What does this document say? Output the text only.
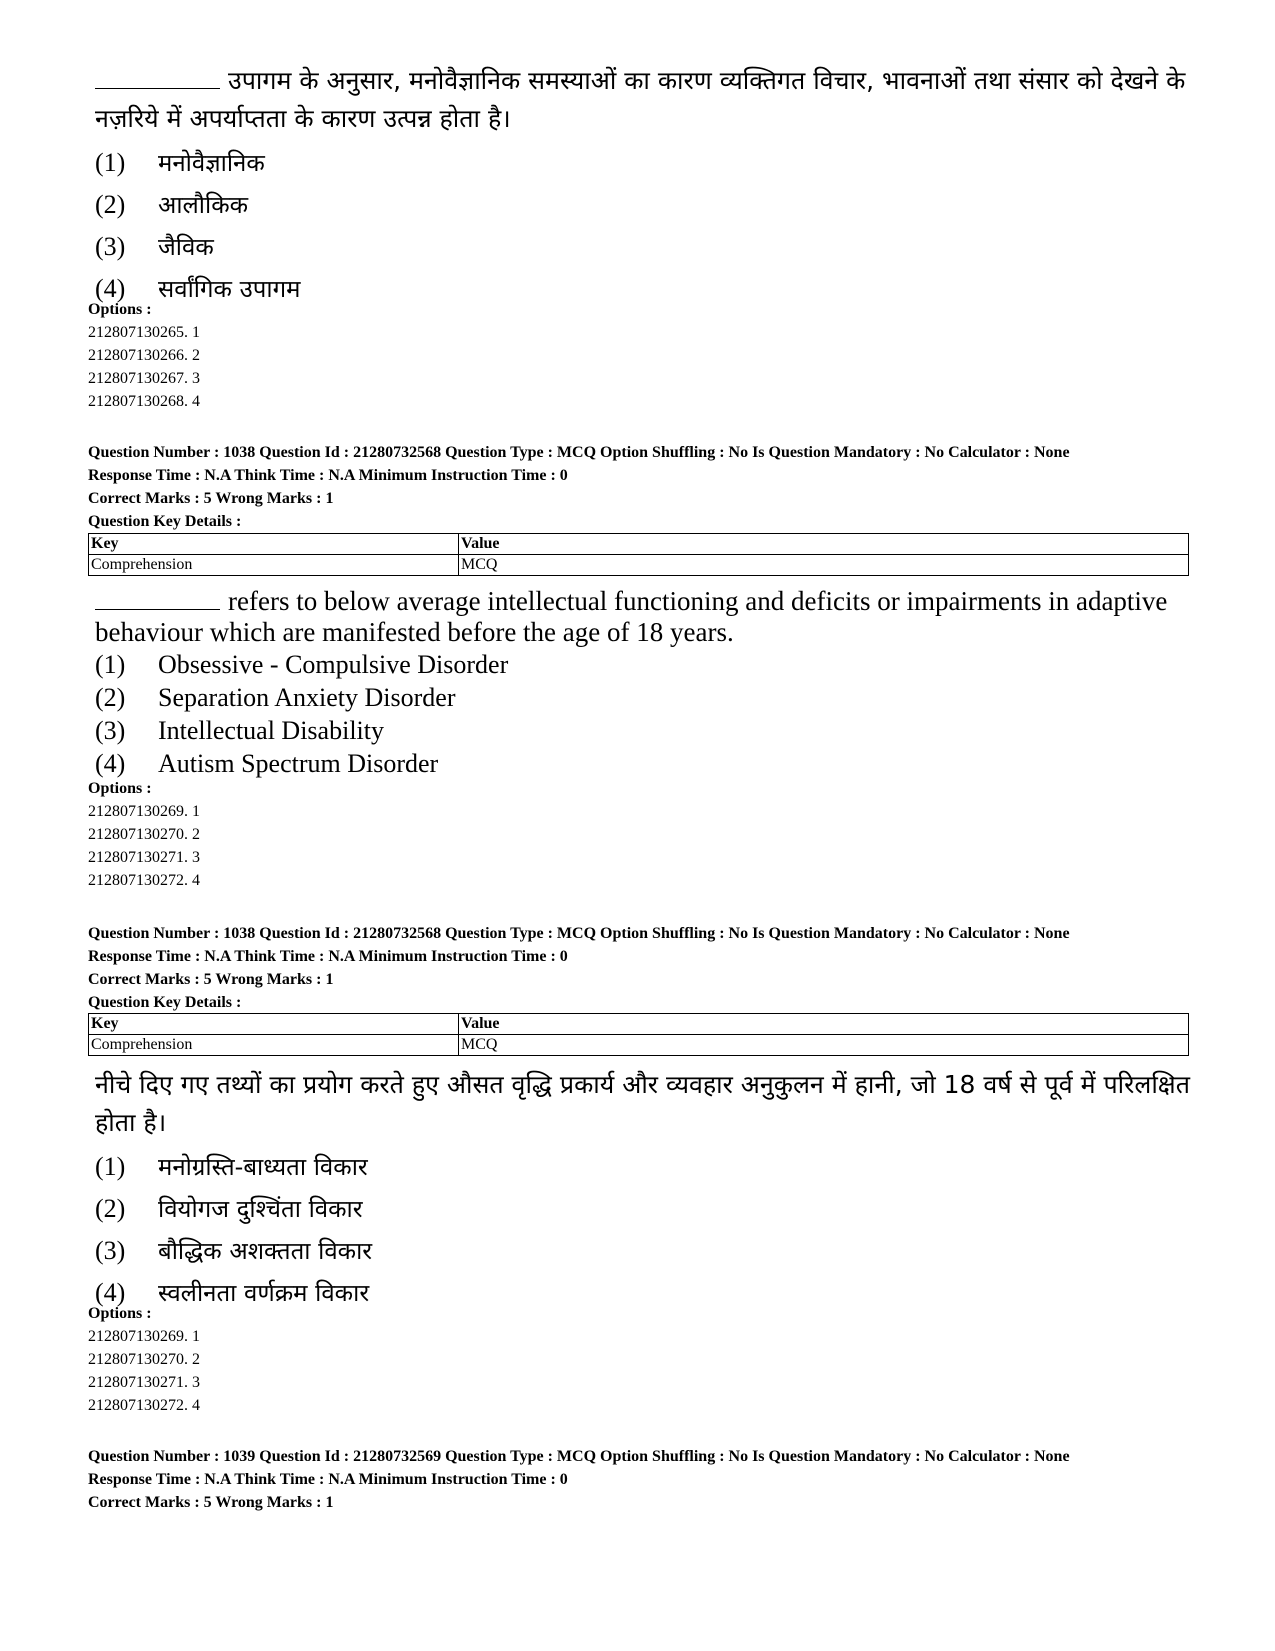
उपागम के अनुसार, मनोवैज्ञानिक समस्याओं का कारण व्यक्तिगत विचार, भावनाओं तथा संसार को देखने के नज़रिये में अपर्याप्तता के कारण उत्पन्न होता है।

(1)	मनोवैज्ञानिक
(2)	आलौकिक
(3)	जैविक
(4)	सर्वांगिक उपागम
Options :
212807130265. 1
212807130266. 2
212807130267. 3
212807130268. 4
Question Number : 1038 Question Id : 21280732568 Question Type : MCQ Option Shuffling : No Is Question Mandatory : No Calculator : None
Response Time : N.A Think Time : N.A Minimum Instruction Time : 0
Correct Marks : 5 Wrong Marks : 1
Question Key Details :
Key	Value
Comprehension	MCQ

refers to below average intellectual functioning and deficits or impairments in adaptive behaviour which are manifested before the age of 18 years.

(1)	Obsessive - Compulsive Disorder
(2)	Separation Anxiety Disorder
(3)	Intellectual Disability
(4)	Autism Spectrum Disorder
Options :
212807130269. 1
212807130270. 2
212807130271. 3
212807130272. 4
Question Number : 1038 Question Id : 21280732568 Question Type : MCQ Option Shuffling : No Is Question Mandatory : No Calculator : None
Response Time : N.A Think Time : N.A Minimum Instruction Time : 0
Correct Marks : 5 Wrong Marks : 1
Question Key Details :
Key	Value
Comprehension	MCQ

नीचे दिए गए तथ्यों का प्रयोग करते हुए औसत वृद्धि प्रकार्य और व्यवहार अनुकुलन में हानी, जो 18 वर्ष से पूर्व में परिलक्षित होता है।

(1)	मनोग्रस्ति-बाध्यता विकार
(2)	वियोगज दुश्चिंता विकार
(3)	बौद्धिक अशक्तता विकार
(4)	स्वलीनता वर्णक्रम विकार
Options :
212807130269. 1
212807130270. 2
212807130271. 3
212807130272. 4
Question Number : 1039 Question Id : 21280732569 Question Type : MCQ Option Shuffling : No Is Question Mandatory : No Calculator : None
Response Time : N.A Think Time : N.A Minimum Instruction Time : 0
Correct Marks : 5 Wrong Marks : 1
